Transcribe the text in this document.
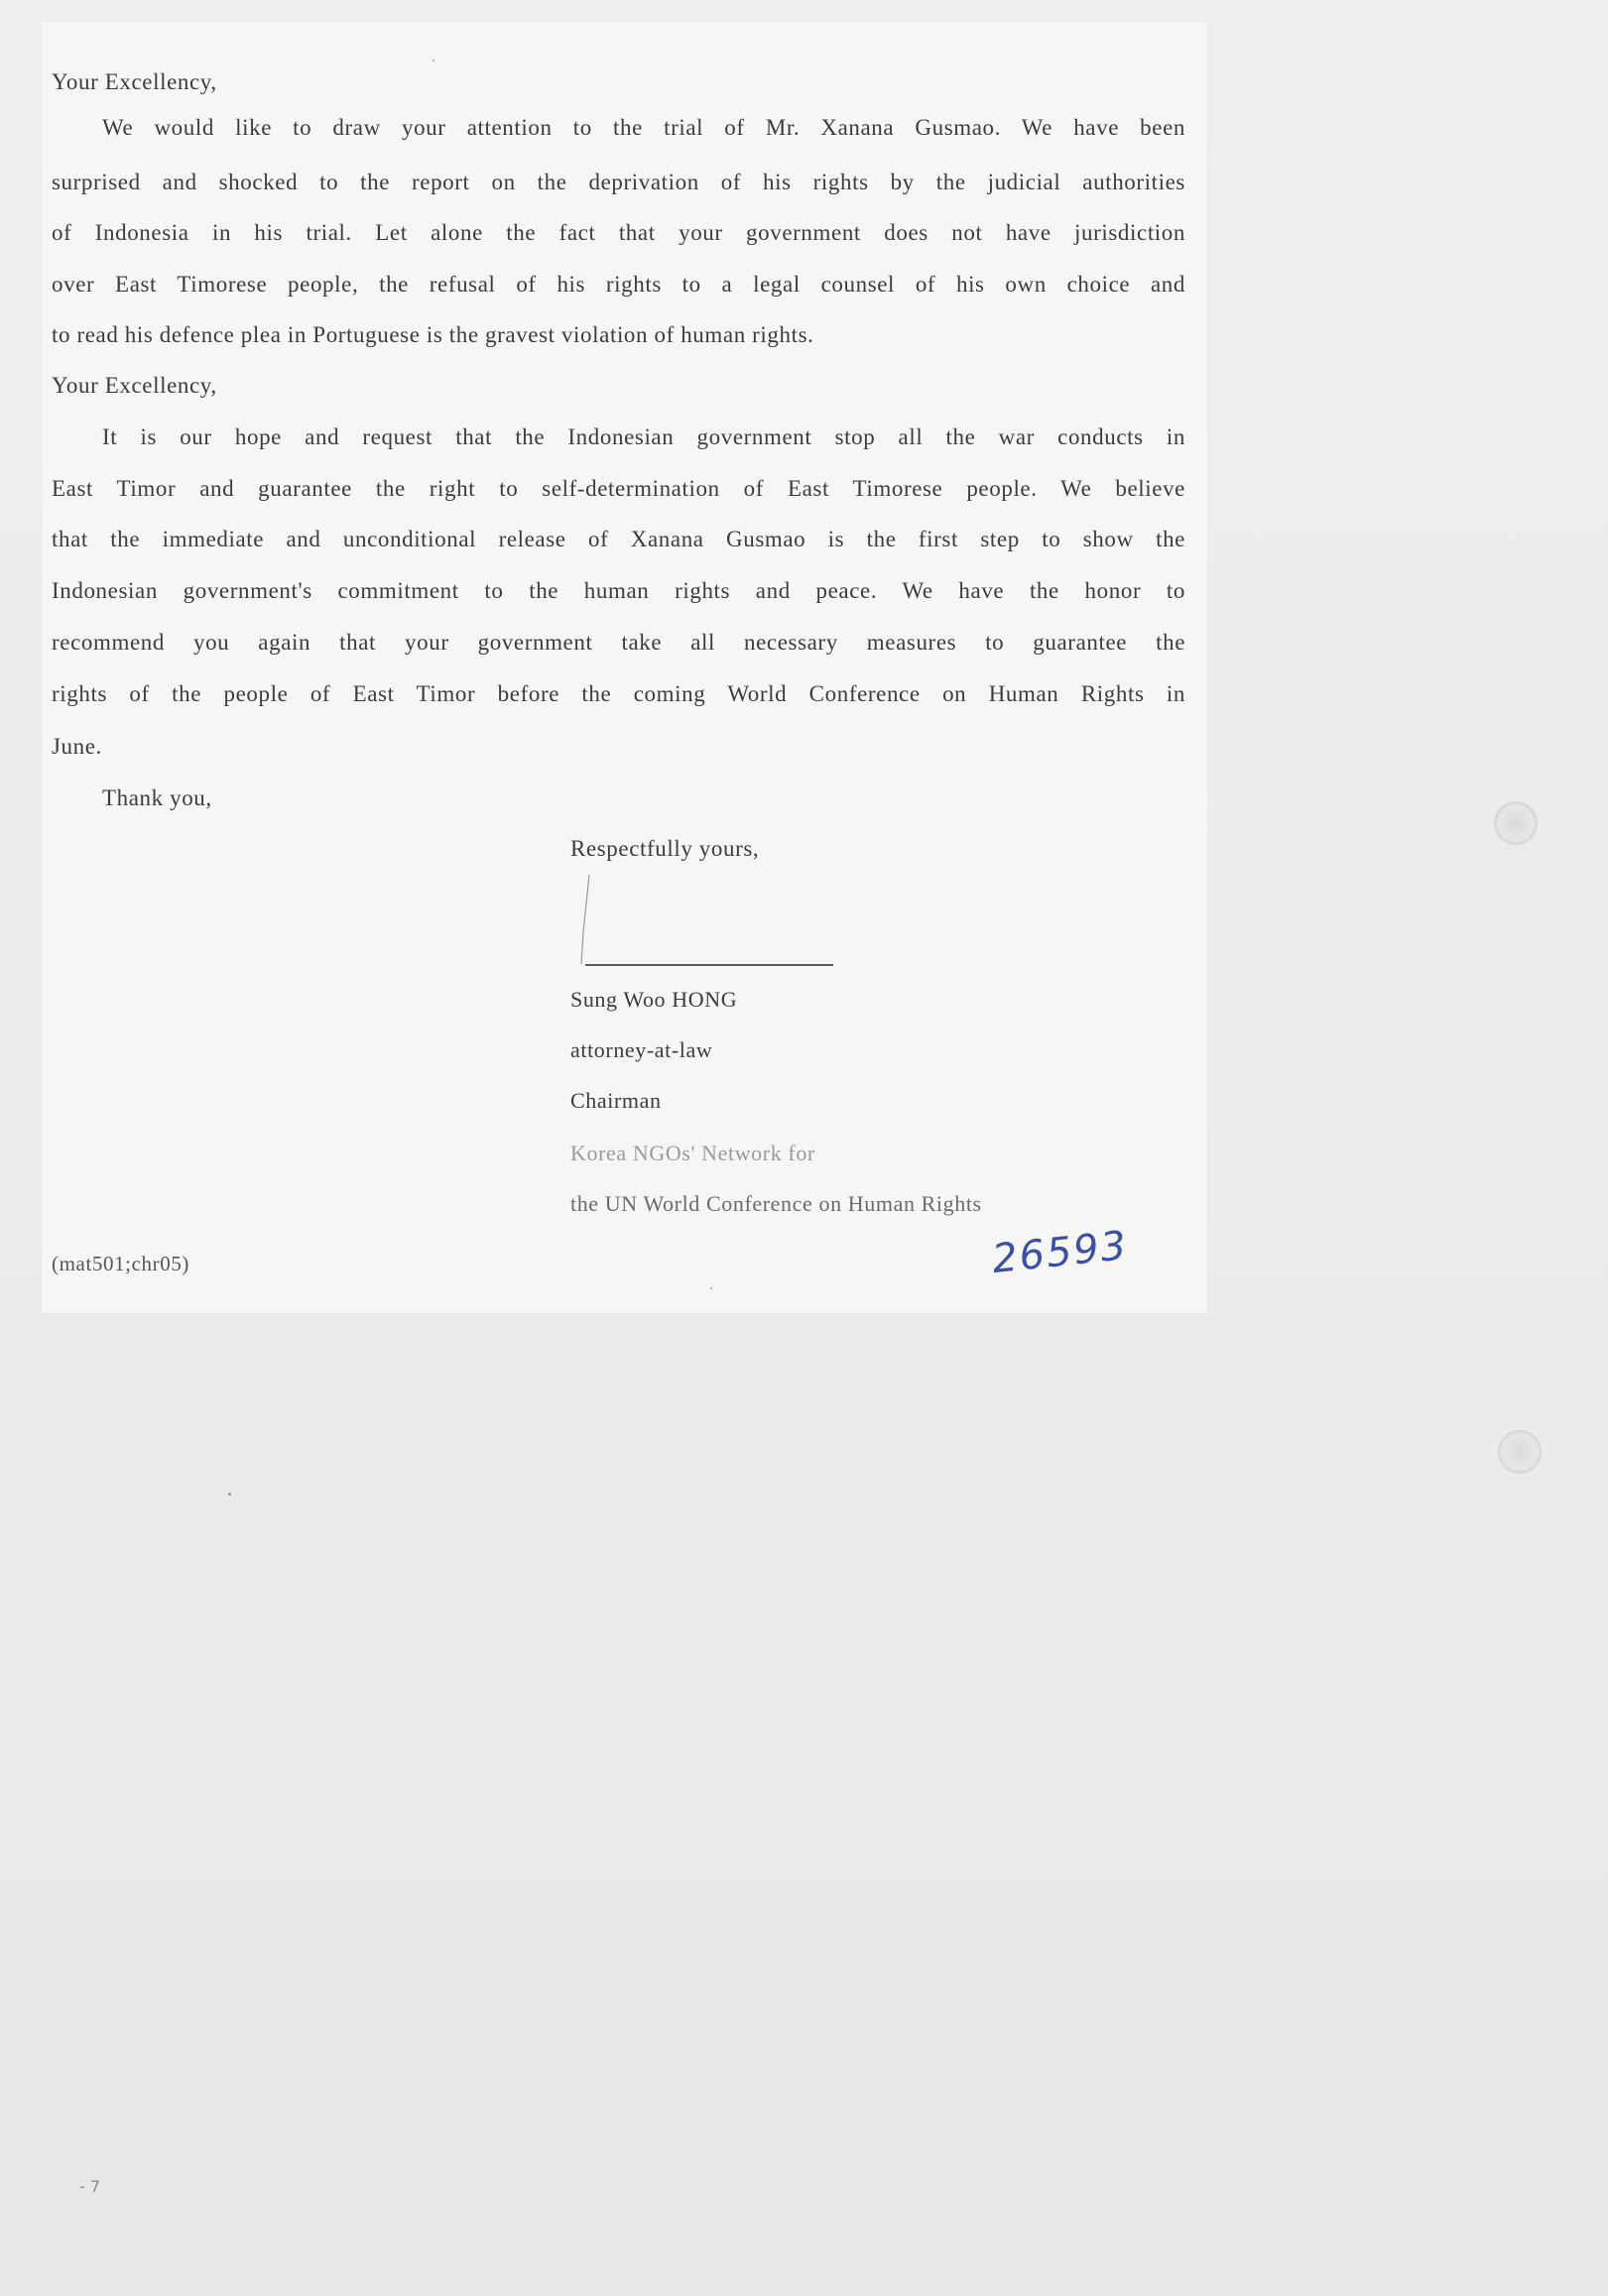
Your Excellency,
We would like to draw your attention to the trial of Mr. Xanana Gusmao. We have been
surprised and shocked to the report on the deprivation of his rights by the judicial authorities
of Indonesia in his trial. Let alone the fact that your government does not have jurisdiction
over East Timorese people, the refusal of his rights to a legal counsel of his own choice and
to read his defence plea in Portuguese is the gravest violation of human rights.
Your Excellency,
It is our hope and request that the Indonesian government stop all the war conducts in
East Timor and guarantee the right to self-determination of East Timorese people. We believe
that the immediate and unconditional release of Xanana Gusmao is the first step to show the
Indonesian government's commitment to the human rights and peace. We have the honor to
recommend you again that your government take all necessary measures to guarantee the
rights of the people of East Timor before the coming World Conference on Human Rights in
June.
Thank you,
Respectfully yours,
Sung Woo HONG
attorney-at-law
Chairman
Korea NGOs' Network for
the UN World Conference on Human Rights
(mat501;chr05)	26593
- 7
